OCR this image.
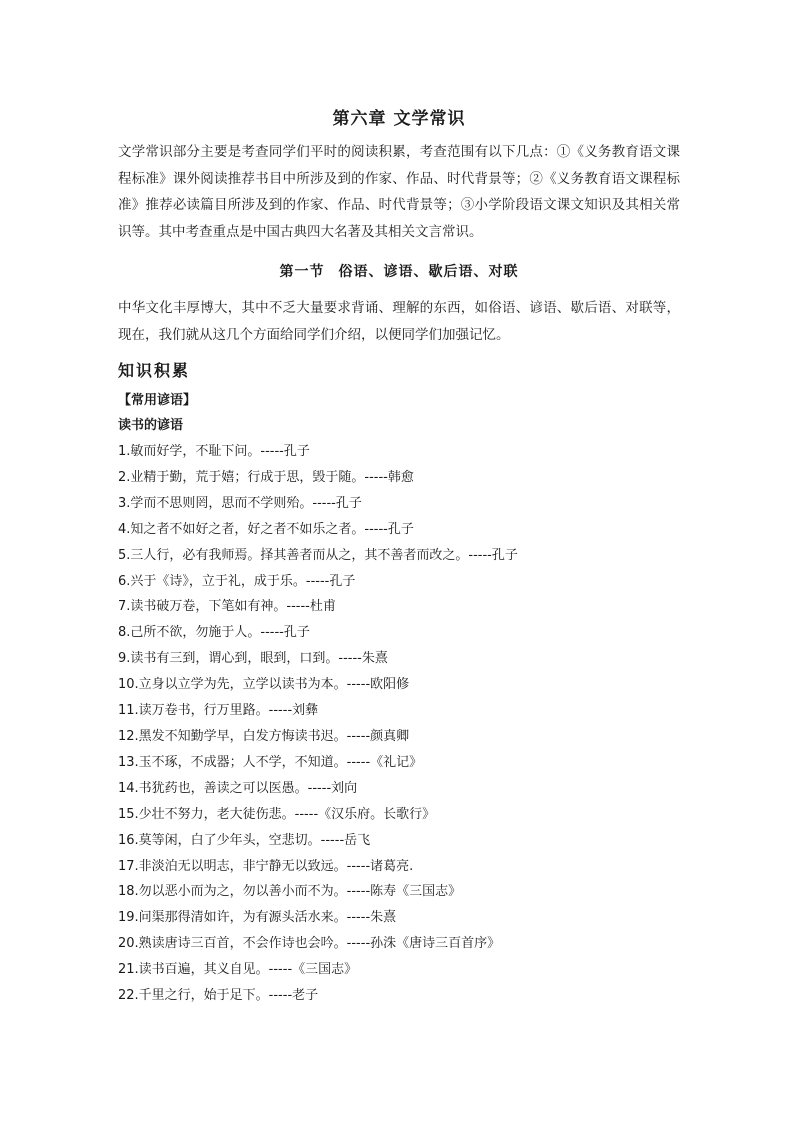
第六章 文学常识

文学常识部分主要是考查同学们平时的阅读积累，考查范围有以下几点：①《义务教育语文课程标准》课外阅读推荐书目中所涉及到的作家、作品、时代背景等；②《义务教育语文课程标准》推荐必读篇目所涉及到的作家、作品、时代背景等；③小学阶段语文课文知识及其相关常识等。其中考查重点是中国古典四大名著及其相关文言常识。

第一节 俗语、谚语、歇后语、对联

中华文化丰厚博大，其中不乏大量要求背诵、理解的东西，如俗语、谚语、歇后语、对联等，现在，我们就从这几个方面给同学们介绍，以便同学们加强记忆。

知识积累
【常用谚语】
读书的谚语
1.敏而好学，不耻下问。-----孔子
2.业精于勤，荒于嬉；行成于思，毁于随。-----韩愈
3.学而不思则罔，思而不学则殆。-----孔子
4.知之者不如好之者，好之者不如乐之者。-----孔子
5.三人行，必有我师焉。择其善者而从之，其不善者而改之。-----孔子
6.兴于《诗》，立于礼，成于乐。-----孔子
7.读书破万卷，下笔如有神。-----杜甫
8.己所不欲，勿施于人。-----孔子
9.读书有三到，谓心到，眼到，口到。-----朱熹
10.立身以立学为先，立学以读书为本。-----欧阳修
11.读万卷书，行万里路。-----刘彝
12.黑发不知勤学早，白发方悔读书迟。-----颜真卿
13.玉不琢，不成器；人不学，不知道。-----《礼记》
14.书犹药也，善读之可以医愚。-----刘向
15.少壮不努力，老大徒伤悲。-----《汉乐府。长歌行》
16.莫等闲，白了少年头，空悲切。-----岳飞
17.非淡泊无以明志，非宁静无以致远。-----诸葛亮.
18.勿以恶小而为之，勿以善小而不为。-----陈寿《三国志》
19.问渠那得清如许，为有源头活水来。-----朱熹
20.熟读唐诗三百首，不会作诗也会吟。-----孙洙《唐诗三百首序》
21.读书百遍，其义自见。-----《三国志》
22.千里之行，始于足下。-----老子
